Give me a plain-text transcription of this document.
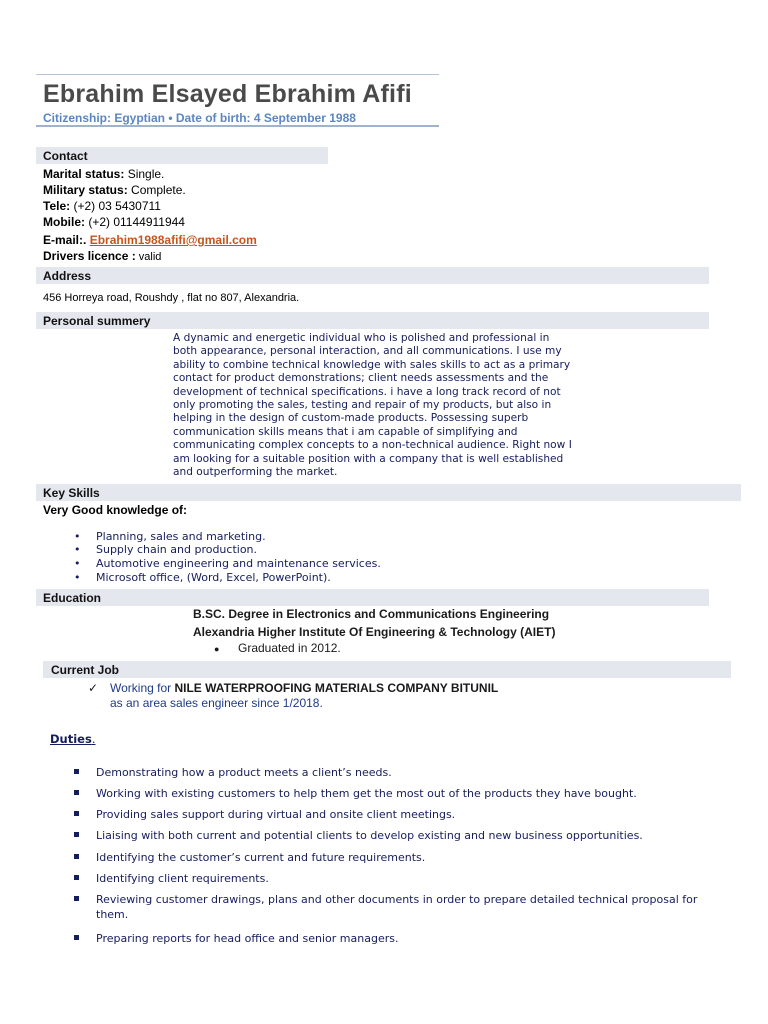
Ebrahim Elsayed Ebrahim Afifi
Citizenship: Egyptian • Date of birth: 4 September 1988
Contact
Marital status: Single.
Military status: Complete.
Tele: (+2) 03 5430711
Mobile: (+2) 01144911944
E-mail:. Ebrahim1988afifi@gmail.com
Drivers licence : valid
Address
456 Horreya road, Roushdy , flat no 807, Alexandria.
Personal summery
A dynamic and energetic individual who is polished and professional in
both appearance, personal interaction, and all communications. I use my
ability to combine technical knowledge with sales skills to act as a primary
contact for product demonstrations; client needs assessments and the
development of technical specifications. i have a long track record of not
only promoting the sales, testing and repair of my products, but also in
helping in the design of custom-made products. Possessing superb
communication skills means that i am capable of simplifying and
communicating complex concepts to a non-technical audience. Right now I
am looking for a suitable position with a company that is well established
and outperforming the market.
Key Skills
Very Good knowledge of:
• Planning, sales and marketing.
• Supply chain and production.
• Automotive engineering and maintenance services.
• Microsoft office, (Word, Excel, PowerPoint).
Education
B.SC. Degree in Electronics and Communications Engineering
Alexandria Higher Institute Of Engineering & Technology (AIET)
● Graduated in 2012.
Current Job
✓ Working for NILE WATERPROOFING MATERIALS COMPANY BITUNIL
as an area sales engineer since 1/2018.
Duties.
Demonstrating how a product meets a client’s needs.
Working with existing customers to help them get the most out of the products they have bought.
Providing sales support during virtual and onsite client meetings.
Liaising with both current and potential clients to develop existing and new business opportunities.
Identifying the customer’s current and future requirements.
Identifying client requirements.
Reviewing customer drawings, plans and other documents in order to prepare detailed technical proposal for them.
Preparing reports for head office and senior managers.
